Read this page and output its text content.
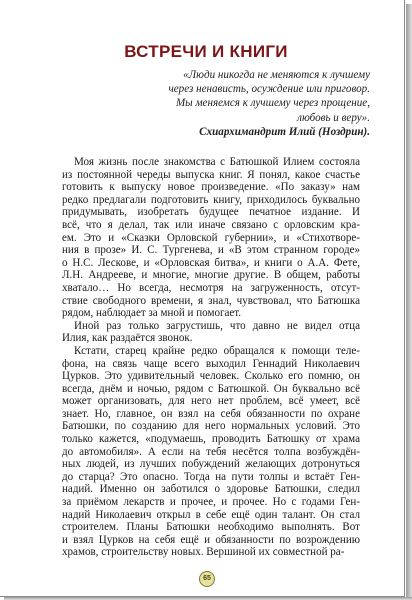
ВСТРЕЧИ И КНИГИ
«Люди никогда не меняются к лучшему
через ненависть, осуждение или приговор.
Мы меняемся к лучшему через прощение,
любовь и веру».
Схиархимандрит Илий (Ноздрин).

Моя жизнь после знакомства с Батюшкой Илием состояла
из постоянной череды выпуска книг. Я понял, какое счастье
готовить к выпуску новое произведение. «По заказу» нам
редко предлагали подготовить книгу, приходилось буквально
придумывать, изобретать будущее печатное издание. И
всё, что я делал, так или иначе связано с орловским кра-
ем. Это и «Сказки Орловской губернии», и «Стихотворе-
ния в прозе» И. С. Тургенева, и «В этом странном городе»
о Н.С. Лескове, и «Орловская битва», и книги о А.А. Фете,
Л.Н. Андрееве, и многие, многие другие. В общем, работы
хватало… Но всегда, несмотря на загруженность, отсут-
ствие свободного времени, я знал, чувствовал, что Батюшка
рядом, наблюдает за мной и помогает.

Иной раз только загрустишь, что давно не видел отца
Илия, как раздаётся звонок.

Кстати, старец крайне редко обращался к помощи теле-
фона, на связь чаще всего выходил Геннадий Николаевич
Цурков. Это удивительный человек. Сколько его помню, он
всегда, днём и ночью, рядом с Батюшкой. Он буквально всё
может организовать, для него нет проблем, всё умеет, всё
знает. Но, главное, он взял на себя обязанности по охране
Батюшки, по созданию для него нормальных условий. Это
только кажется, «подумаешь, проводить Батюшку от храма
до автомобиля». А если на тебя несётся толпа возбуждён-
ных людей, из лучших побуждений желающих дотронуться
до старца? Это опасно. Тогда на пути толпы и встаёт Ген-
надий. Именно он заботился о здоровье Батюшки, следил
за приёмом лекарств и прочее, и прочее. Но с годами Ген-
надий Николаевич открыл в себе ещё один талант. Он стал
строителем. Планы Батюшки необходимо выполнять. Вот
и взял Цурков на себя ещё и обязанности по возрождению
храмов, строительству новых. Вершиной их совместной ра-

65
